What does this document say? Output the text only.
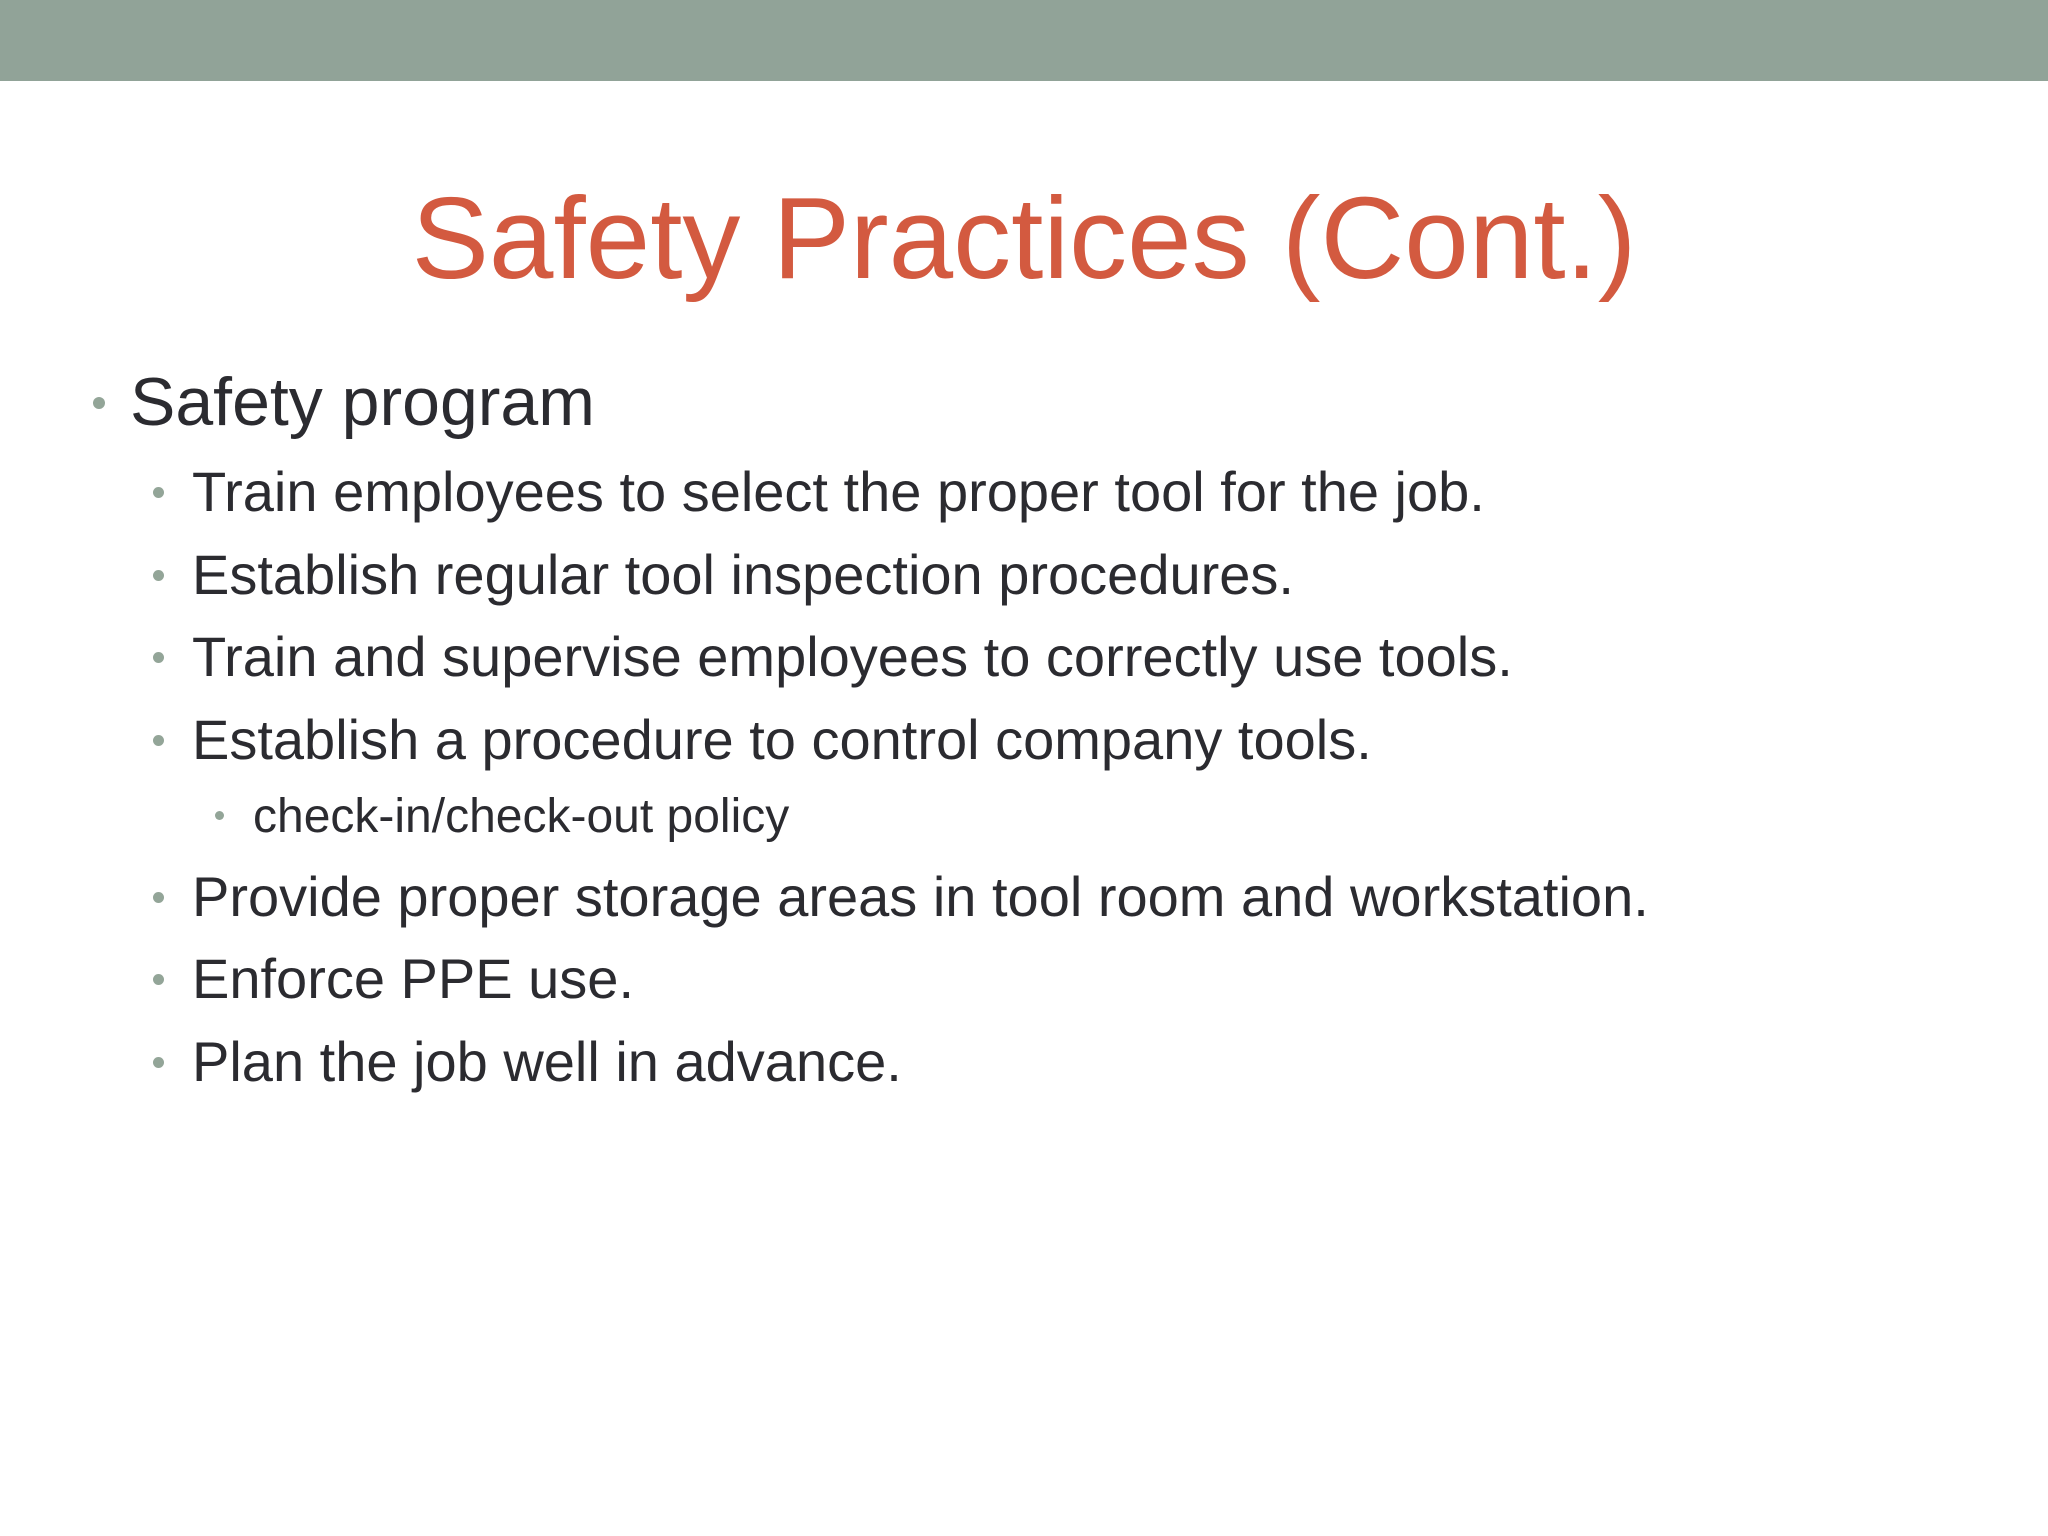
Safety Practices (Cont.)
Safety program
Train employees to select the proper tool for the job.
Establish regular tool inspection procedures.
Train and supervise employees to correctly use tools.
Establish a procedure to control company tools.
check-in/check-out policy
Provide proper storage areas in tool room and workstation.
Enforce PPE use.
Plan the job well in advance.
